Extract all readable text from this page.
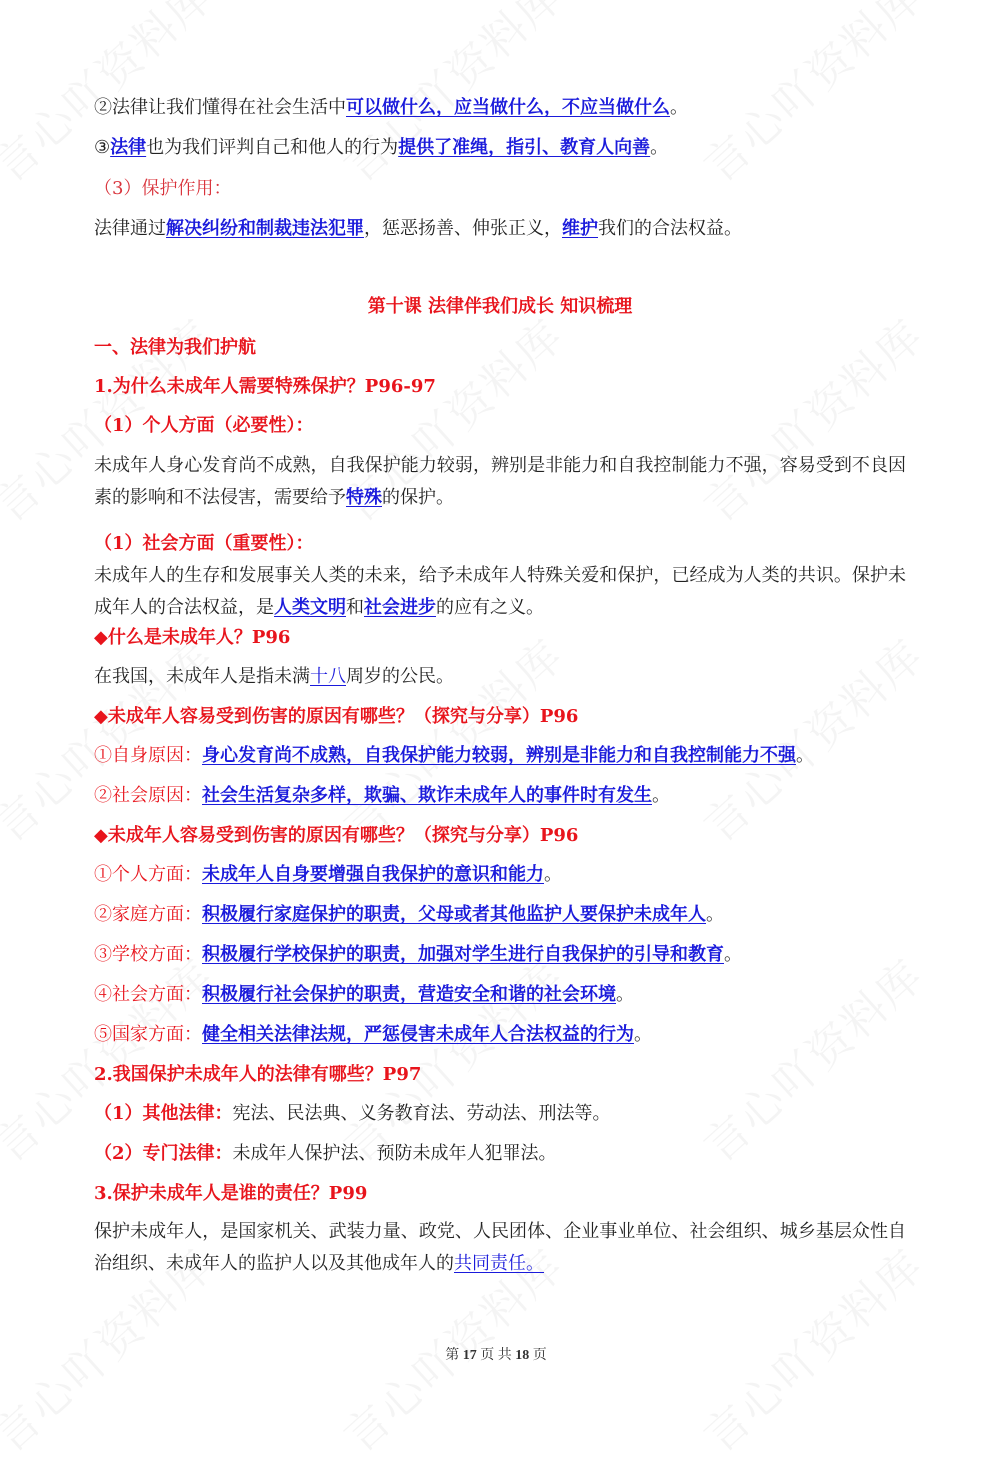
②法律让我们懂得在社会生活中可以做什么，应当做什么，不应当做什么。
③法律也为我们评判自己和他人的行为提供了准绳，指引、教育人向善。
（3）保护作用：
法律通过解决纠纷和制裁违法犯罪，惩恶扬善、伸张正义，维护我们的合法权益。
第十课 法律伴我们成长 知识梳理
一、法律为我们护航
1.为什么未成年人需要特殊保护？P96-97
（1）个人方面（必要性）：
未成年人身心发育尚不成熟，自我保护能力较弱，辨别是非能力和自我控制能力不强，容易受到不良因素的影响和不法侵害，需要给予特殊的保护。
（1）社会方面（重要性）：
未成年人的生存和发展事关人类的未来，给予未成年人特殊关爱和保护，已经成为人类的共识。保护未成年人的合法权益，是人类文明和社会进步的应有之义。
◆什么是未成年人？P96
在我国，未成年人是指未满十八周岁的公民。
◆未成年人容易受到伤害的原因有哪些？（探究与分享）P96
①自身原因：身心发育尚不成熟，自我保护能力较弱，辨别是非能力和自我控制能力不强。
②社会原因：社会生活复杂多样，欺骗、欺诈未成年人的事件时有发生。
◆未成年人容易受到伤害的原因有哪些？（探究与分享）P96
①个人方面：未成年人自身要增强自我保护的意识和能力。
②家庭方面：积极履行家庭保护的职责，父母或者其他监护人要保护未成年人。
③学校方面：积极履行学校保护的职责，加强对学生进行自我保护的引导和教育。
④社会方面：积极履行社会保护的职责，营造安全和谐的社会环境。
⑤国家方面：健全相关法律法规，严惩侵害未成年人合法权益的行为。
2.我国保护未成年人的法律有哪些？P97
（1）其他法律：宪法、民法典、义务教育法、劳动法、刑法等。
（2）专门法律：未成年人保护法、预防未成年人犯罪法。
3.保护未成年人是谁的责任？P99
保护未成年人，是国家机关、武装力量、政党、人民团体、企业事业单位、社会组织、城乡基层众性自治组织、未成年人的监护人以及其他成年人的共同责任。
第 17 页 共 18 页
